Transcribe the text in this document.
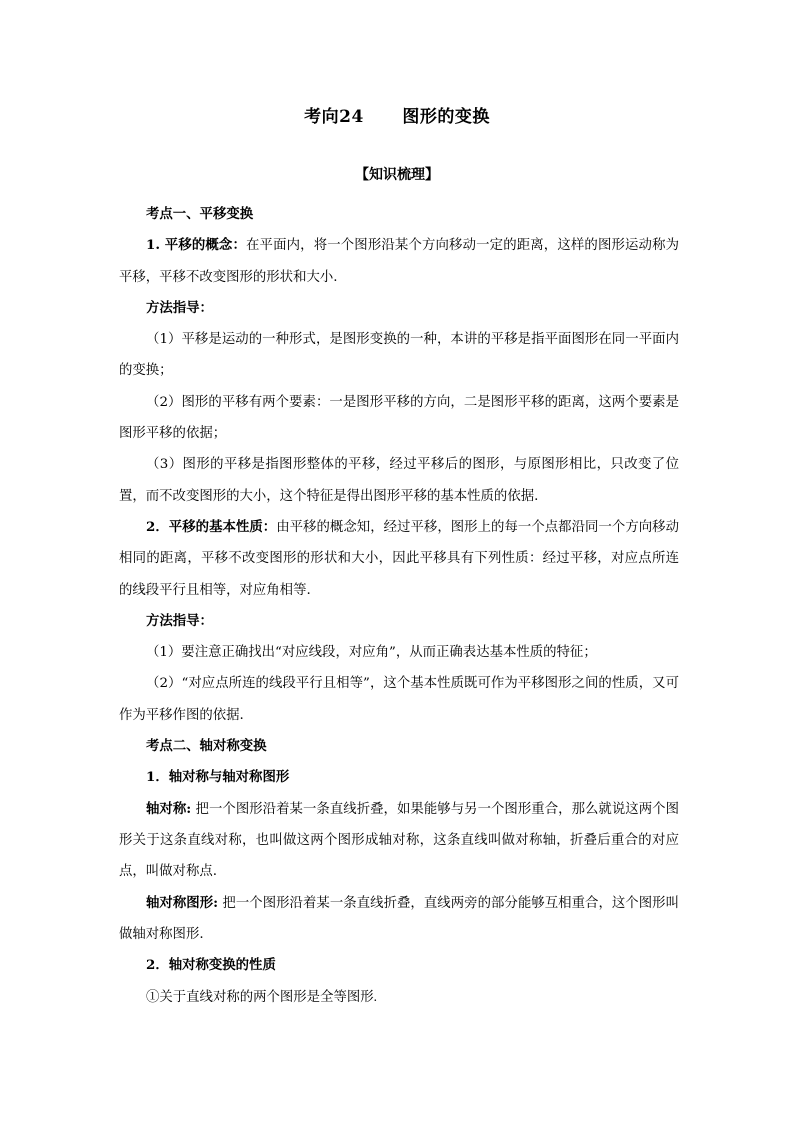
考向24      图形的变换
【知识梳理】

考点一、平移变换

1. 平移的概念：在平面内，将一个图形沿某个方向移动一定的距离，这样的图形运动称为平移，平移不改变图形的形状和大小.

方法指导：

（1）平移是运动的一种形式，是图形变换的一种，本讲的平移是指平面图形在同一平面内的变换；

（2）图形的平移有两个要素：一是图形平移的方向，二是图形平移的距离，这两个要素是图形平移的依据；

（3）图形的平移是指图形整体的平移，经过平移后的图形，与原图形相比，只改变了位置，而不改变图形的大小，这个特征是得出图形平移的基本性质的依据.

2．平移的基本性质：由平移的概念知，经过平移，图形上的每一个点都沿同一个方向移动相同的距离，平移不改变图形的形状和大小，因此平移具有下列性质：经过平移，对应点所连的线段平行且相等，对应角相等.

方法指导：

（1）要注意正确找出“对应线段，对应角”，从而正确表达基本性质的特征；

（2）“对应点所连的线段平行且相等”，这个基本性质既可作为平移图形之间的性质，又可作为平移作图的依据.

考点二、轴对称变换

1．轴对称与轴对称图形

轴对称: 把一个图形沿着某一条直线折叠，如果能够与另一个图形重合，那么就说这两个图形关于这条直线对称，也叫做这两个图形成轴对称，这条直线叫做对称轴，折叠后重合的对应点，叫做对称点.

轴对称图形: 把一个图形沿着某一条直线折叠，直线两旁的部分能够互相重合，这个图形叫做轴对称图形.

2．轴对称变换的性质

①关于直线对称的两个图形是全等图形.
